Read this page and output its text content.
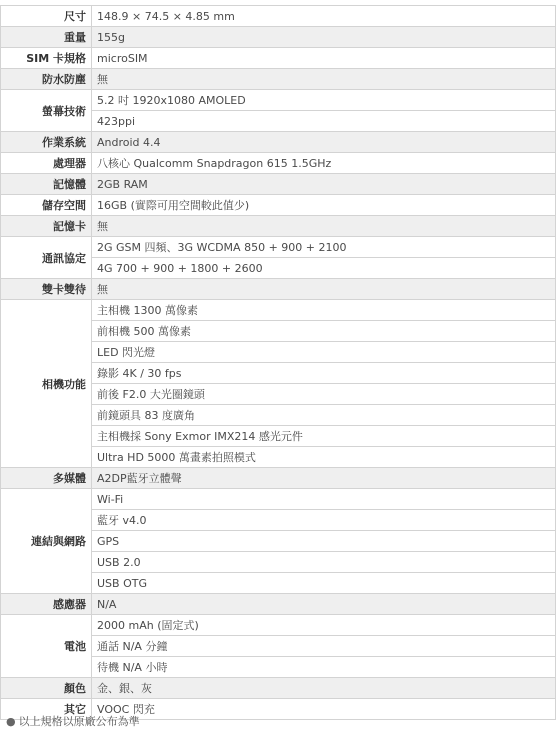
尺寸	148.9 × 74.5 × 4.85 mm
重量	155g
SIM 卡規格	microSIM
防水防塵	無
螢幕技術	5.2 吋 1920x1080 AMOLED
	423ppi
作業系統	Android 4.4
處理器	八核心 Qualcomm Snapdragon 615 1.5GHz
記憶體	2GB RAM
儲存空間	16GB (實際可用空間較此值少)
記憶卡	無
通訊協定	2G GSM 四頻、3G WCDMA 850 + 900 + 2100
	4G 700 + 900 + 1800 + 2600
雙卡雙待	無
相機功能	主相機 1300 萬像素
	前相機 500 萬像素
	LED 閃光燈
	錄影 4K / 30 fps
	前後 F2.0 大光圈鏡頭
	前鏡頭具 83 度廣角
	主相機採 Sony Exmor IMX214 感光元件
	Ultra HD 5000 萬畫素拍照模式
多媒體	A2DP藍牙立體聲
連結與網路	Wi-Fi
	藍牙 v4.0
	GPS
	USB 2.0
	USB OTG
感應器	N/A
電池	2000 mAh (固定式)
	通話 N/A 分鐘
	待機 N/A 小時
顏色	金、銀、灰
其它	VOOC 閃充
● 以上規格以原廠公布為準
